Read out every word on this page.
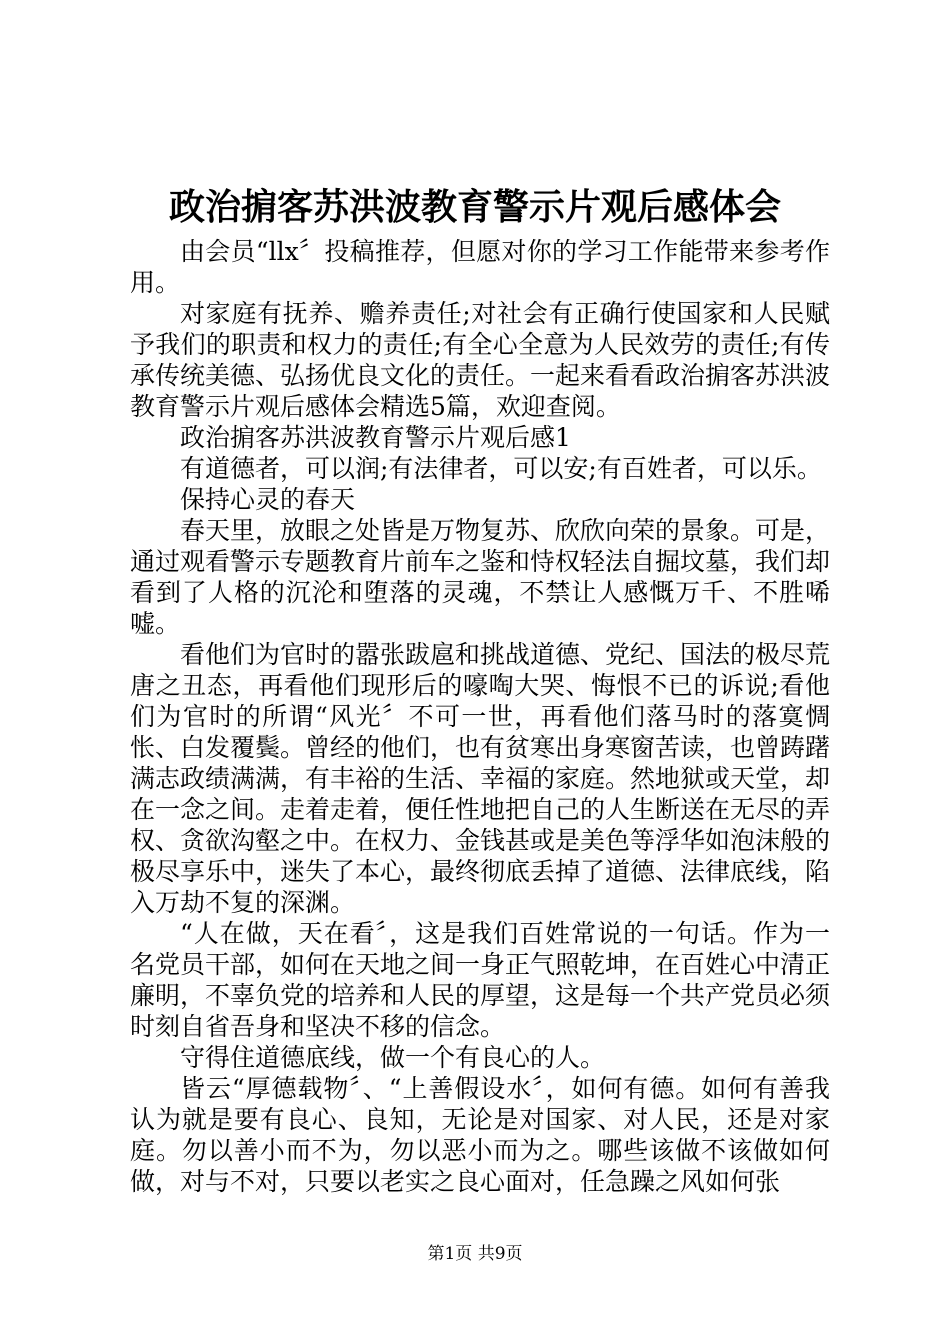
政治掮客苏洪波教育警示片观后感体会

由会员“llx〞投稿推荐，但愿对你的学习工作能带来参考作用。

对家庭有抚养、赡养责任;对社会有正确行使国家和人民赋予我们的职责和权力的责任;有全心全意为人民效劳的责任;有传承传统美德、弘扬优良文化的责任。一起来看看政治掮客苏洪波教育警示片观后感体会精选5篇，欢迎查阅。

政治掮客苏洪波教育警示片观后感1

有道德者，可以润;有法律者，可以安;有百姓者，可以乐。

保持心灵的春天

春天里，放眼之处皆是万物复苏、欣欣向荣的景象。可是，通过观看警示专题教育片前车之鉴和恃权轻法自掘坟墓，我们却看到了人格的沉沦和堕落的灵魂，不禁让人感慨万千、不胜唏嘘。

看他们为官时的嚣张跋扈和挑战道德、党纪、国法的极尽荒唐之丑态，再看他们现形后的嚎啕大哭、悔恨不已的诉说;看他们为官时的所谓“风光〞不可一世，再看他们落马时的落寞惆怅、白发覆鬓。曾经的他们，也有贫寒出身寒窗苦读，也曾踌躇满志政绩满满，有丰裕的生活、幸福的家庭。然地狱或天堂，却在一念之间。走着走着，便任性地把自己的人生断送在无尽的弄权、贪欲沟壑之中。在权力、金钱甚或是美色等浮华如泡沫般的极尽享乐中，迷失了本心，最终彻底丢掉了道德、法律底线，陷入万劫不复的深渊。

“人在做，天在看〞，这是我们百姓常说的一句话。作为一名党员干部，如何在天地之间一身正气照乾坤，在百姓心中清正廉明，不辜负党的培养和人民的厚望，这是每一个共产党员必须时刻自省吾身和坚决不移的信念。

守得住道德底线，做一个有良心的人。

皆云“厚德载物〞、“上善假设水〞，如何有德。如何有善我认为就是要有良心、良知，无论是对国家、对人民，还是对家庭。勿以善小而不为，勿以恶小而为之。哪些该做不该做如何做，对与不对，只要以老实之良心面对，任急躁之风如何张

第1页 共9页
